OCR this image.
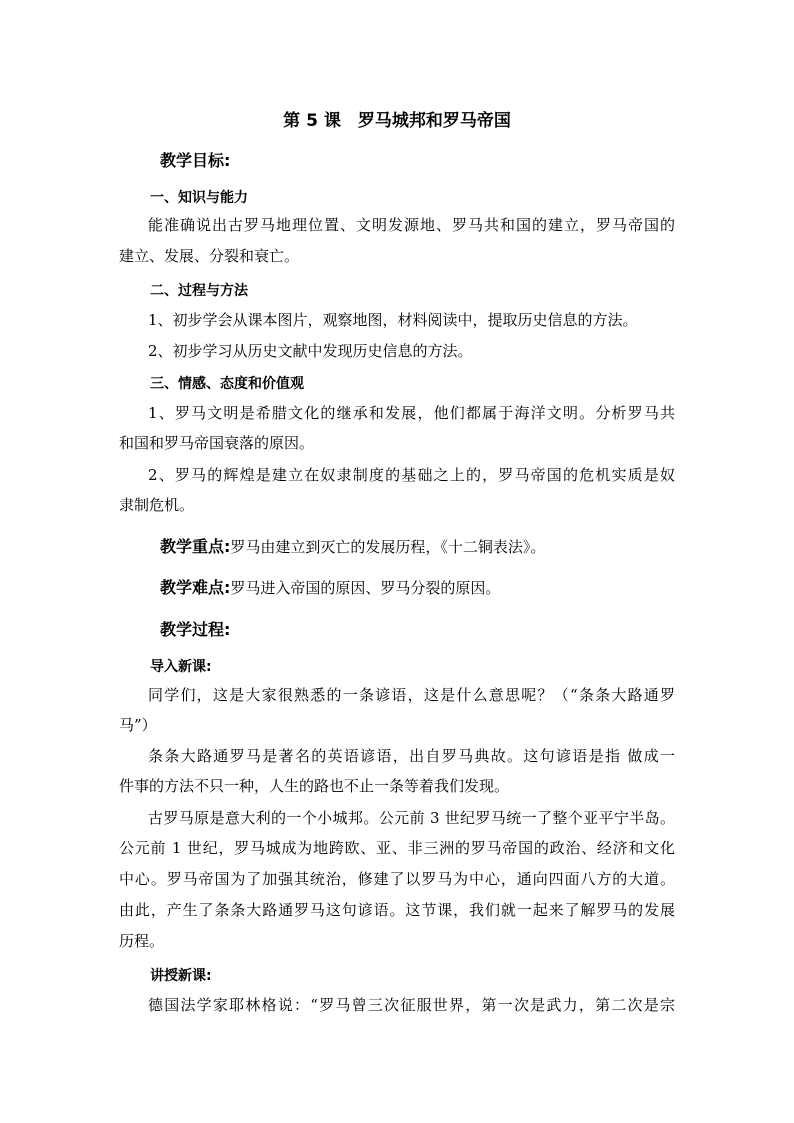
第 5 课　罗马城邦和罗马帝国
教学目标:
一、知识与能力
能准确说出古罗马地理位置、文明发源地、罗马共和国的建立，罗马帝国的
建立、发展、分裂和衰亡。
二、过程与方法
1、初步学会从课本图片，观察地图，材料阅读中，提取历史信息的方法。
2、初步学习从历史文献中发现历史信息的方法。
三、情感、态度和价值观
1、罗马文明是希腊文化的继承和发展，他们都属于海洋文明。分析罗马共
和国和罗马帝国衰落的原因。
2、罗马的辉煌是建立在奴隶制度的基础之上的，罗马帝国的危机实质是奴
隶制危机。
教学重点:罗马由建立到灭亡的发展历程，《十二铜表法》。
教学难点:罗马进入帝国的原因、罗马分裂的原因。
教学过程:
导入新课:
同学们，这是大家很熟悉的一条谚语，这是什么意思呢？（“条条大路通罗
马”）
条条大路通罗马是著名的英语谚语，出自罗马典故。这句谚语是指 做成一
件事的方法不只一种，人生的路也不止一条等着我们发现。
古罗马原是意大利的一个小城邦。公元前 3 世纪罗马统一了整个亚平宁半岛。
公元前 1 世纪，罗马城成为地跨欧、亚、非三洲的罗马帝国的政治、经济和文化
中心。罗马帝国为了加强其统治，修建了以罗马为中心，通向四面八方的大道。
由此，产生了条条大路通罗马这句谚语。这节课，我们就一起来了解罗马的发展
历程。
讲授新课:
德国法学家耶林格说：“罗马曾三次征服世界，第一次是武力，第二次是宗
